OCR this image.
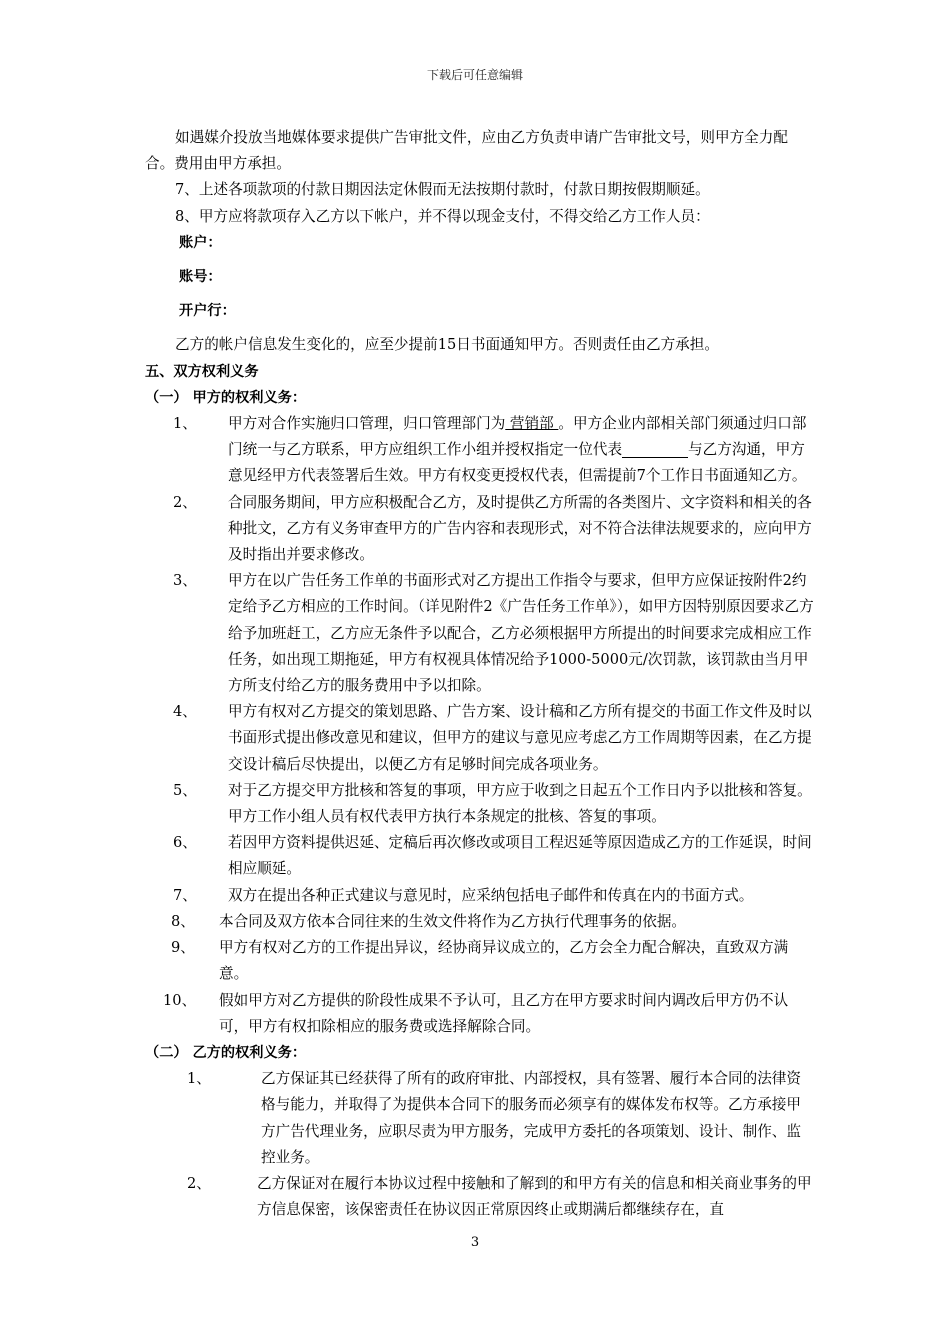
下载后可任意编辑

如遇媒介投放当地媒体要求提供广告审批文件，应由乙方负责申请广告审批文号，则甲方全力配合。费用由甲方承担。

7、上述各项款项的付款日期因法定休假而无法按期付款时，付款日期按假期顺延。

8、甲方应将款项存入乙方以下帐户，并不得以现金支付，不得交给乙方工作人员：

账户：

账号：

开户行：

乙方的帐户信息发生变化的，应至少提前15日书面通知甲方。否则责任由乙方承担。

五、双方权利义务

（一） 甲方的权利义务：

1、	甲方对合作实施归口管理，归口管理部门为 营销部 。甲方企业内部相关部门须通过归口部门统一与乙方联系，甲方应组织工作小组并授权指定一位代表	与乙方沟通，甲方意见经甲方代表签署后生效。甲方有权变更授权代表，但需提前7个工作日书面通知乙方。
2、	合同服务期间，甲方应积极配合乙方，及时提供乙方所需的各类图片、文字资料和相关的各种批文，乙方有义务审查甲方的广告内容和表现形式，对不符合法律法规要求的，应向甲方及时指出并要求修改。
3、	甲方在以广告任务工作单的书面形式对乙方提出工作指令与要求，但甲方应保证按附件2约定给予乙方相应的工作时间。（详见附件2《广告任务工作单》），如甲方因特别原因要求乙方给予加班赶工，乙方应无条件予以配合，乙方必须根据甲方所提出的时间要求完成相应工作任务，如出现工期拖延，甲方有权视具体情况给予1000-5000元/次罚款，该罚款由当月甲方所支付给乙方的服务费用中予以扣除。
4、	甲方有权对乙方提交的策划思路、广告方案、设计稿和乙方所有提交的书面工作文件及时以书面形式提出修改意见和建议，但甲方的建议与意见应考虑乙方工作周期等因素，在乙方提交设计稿后尽快提出，以便乙方有足够时间完成各项业务。
5、	对于乙方提交甲方批核和答复的事项，甲方应于收到之日起五个工作日内予以批核和答复。甲方工作小组人员有权代表甲方执行本条规定的批核、答复的事项。
6、	若因甲方资料提供迟延、定稿后再次修改或项目工程迟延等原因造成乙方的工作延误，时间相应顺延。
7、	双方在提出各种正式建议与意见时，应采纳包括电子邮件和传真在内的书面方式。
8、	本合同及双方依本合同往来的生效文件将作为乙方执行代理事务的依据。
9、	甲方有权对乙方的工作提出异议，经协商异议成立的，乙方会全力配合解决，直致双方满意。
10、	假如甲方对乙方提供的阶段性成果不予认可，且乙方在甲方要求时间内调改后甲方仍不认可，甲方有权扣除相应的服务费或选择解除合同。

（二） 乙方的权利义务：

1、	乙方保证其已经获得了所有的政府审批、内部授权，具有签署、履行本合同的法律资格与能力，并取得了为提供本合同下的服务而必须享有的媒体发布权等。乙方承接甲方广告代理业务，应职尽责为甲方服务，完成甲方委托的各项策划、设计、制作、监控业务。
2、	乙方保证对在履行本协议过程中接触和了解到的和甲方有关的信息和相关商业事务的甲方信息保密，该保密责任在协议因正常原因终止或期满后都继续存在，直
3
